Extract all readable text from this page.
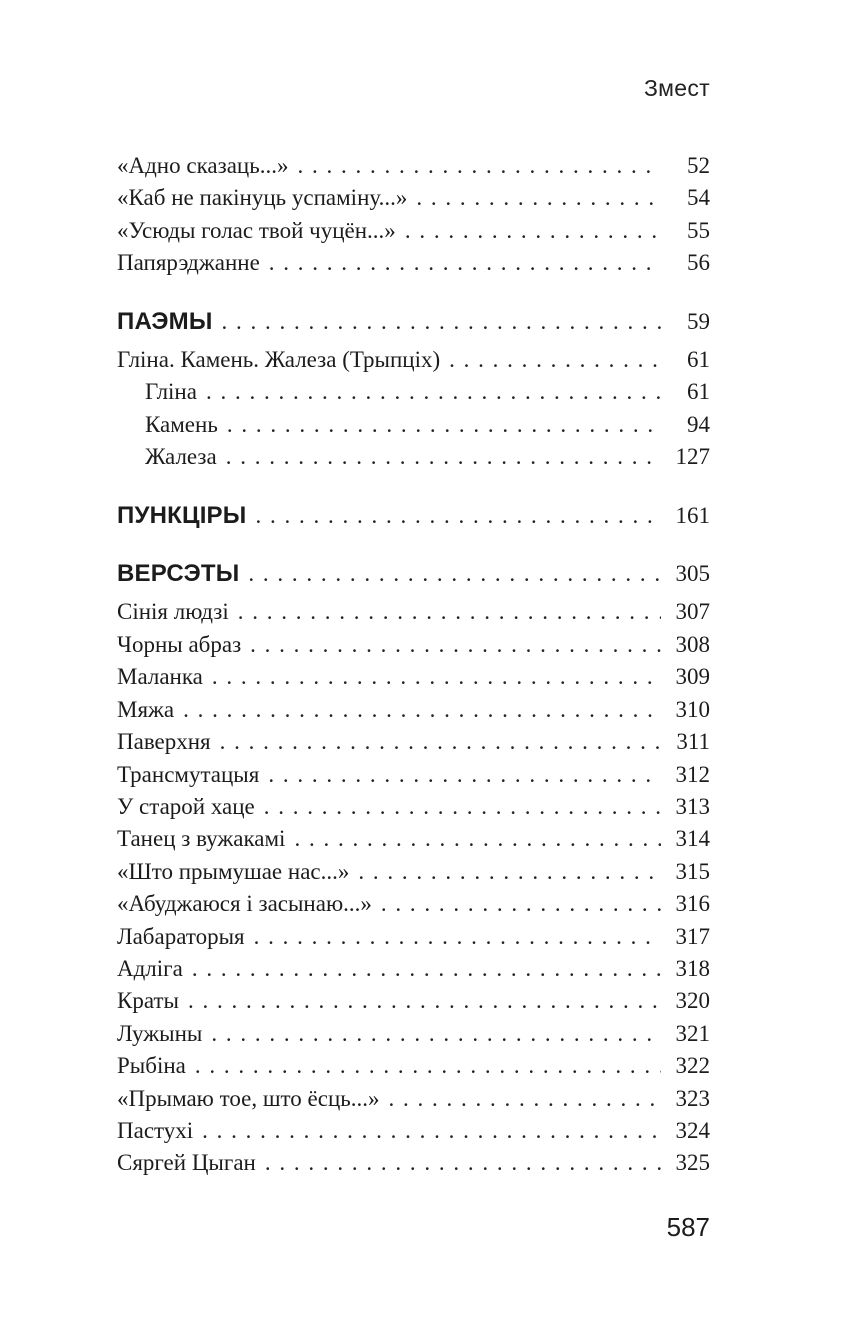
Змест
«Адно сказаць...» . . .	52
«Каб не пакінуць успаміну...» . . .	54
«Усюды голас твой чуцён...» . . .	55
Папярэджанне . . .	56
ПАЭМЫ . . .	59
Гліна. Камень. Жалеза (Трыпціх) . . .	61
Гліна . . .	61
Камень . . .	94
Жалеза . . .	127
ПУНКЦІРЫ . . .	161
ВЕРСЭТЫ . . .	305
Сінія людзі . . .	307
Чорны абраз . . .	308
Маланка . . .	309
Мяжа . . .	310
Паверхня . . .	311
Трансмутацыя . . .	312
У старой хаце . . .	313
Танец з вужакамі . . .	314
«Што прымушае нас...» . . .	315
«Абуджаюся і засынаю...» . . .	316
Лабараторыя . . .	317
Адліга . . .	318
Краты . . .	320
Лужыны . . .	321
Рыбіна . . .	322
«Прымаю тое, што ёсць...» . . .	323
Пастухі . . .	324
Сяргей Цыган . . .	325
587
